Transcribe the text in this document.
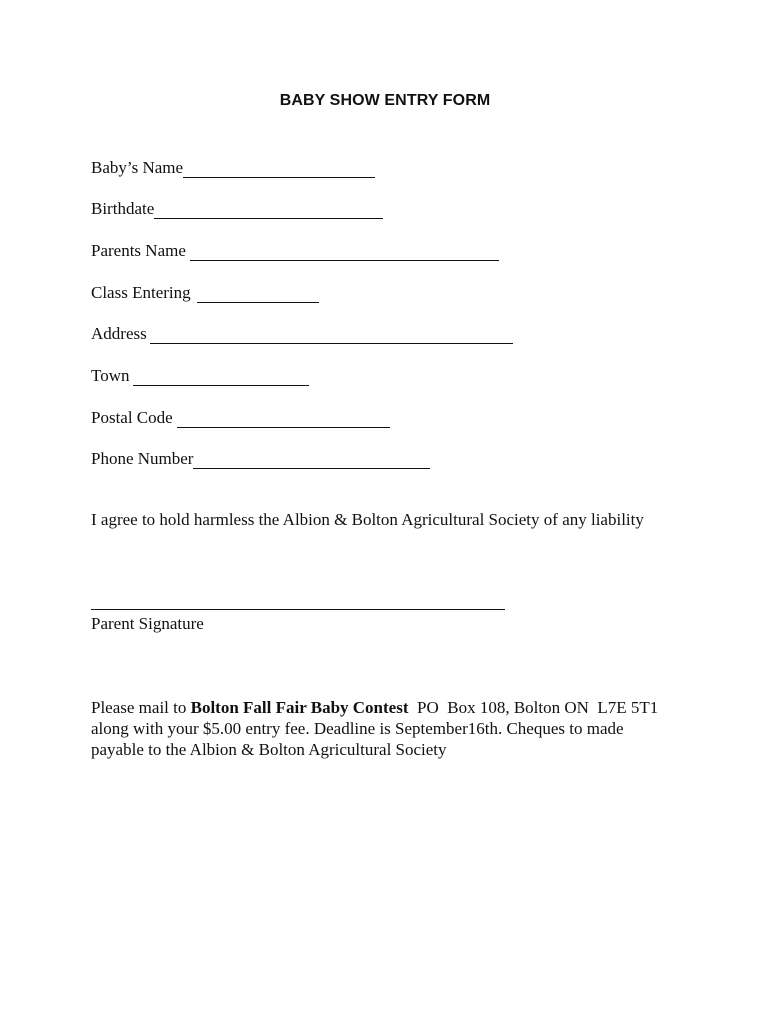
BABY SHOW ENTRY FORM
Baby’s Name
Birthdate
Parents Name
Class Entering
Address
Town
Postal Code
Phone Number
I agree to hold harmless the Albion & Bolton Agricultural Society of any liability
Parent Signature
Please mail to Bolton Fall Fair Baby Contest  PO  Box 108, Bolton ON  L7E 5T1
along with your $5.00 entry fee. Deadline is September16th. Cheques to made
payable to the Albion & Bolton Agricultural Society
